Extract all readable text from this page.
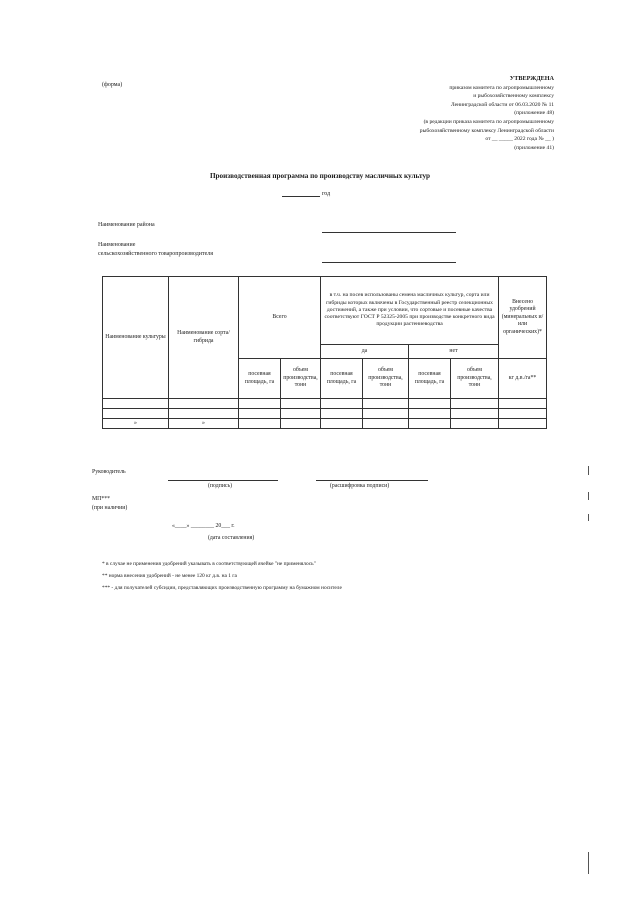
(форма)
УТВЕРЖДЕНА
приказом комитета по агропромышленному
и рыбохозяйственному комплексу
Ленинградской области от 06.03.2020 № 11
(приложение 48)
(в редакции приказа комитета по агропромышленному
рыбохозяйственному комплексу Ленинградской области
от __ _____ 2022 года № __ )
(приложение 41)
Производственная программа по производству масличных культур
год
Наименование района
Наименование
сельскохозяйственного товаропроизводителя
Наименование культуры	Наименование сорта/гибрида	Всего		в т.ч. на посев использованы семена масличных культур, сорта или гибриды которых включены в Государственный реестр селекционных достижений, а также при условии, что сортовые и посевные качества соответствуют ГОСТ Р 52325-2005 при производстве конкретного вида продукции растениеводства				Внесено удобрений (минеральных и/или органических)*
				да		нет		
		посевная площадь, га	объем производства, тонн	посевная площадь, га	объем производства, тонн	посевная площадь, га	объем производства, тонн	кг д.в./га**

»	»							
Руководитель
(подпись)	(расшифровка подписи)
МП***
(при наличии)
«____» ________ 20___ г.
(дата составления)
* в случае не применения удобрений указывать в соответствующей ячейке "не применялось"
** норма внесения удобрений - не менее 120 кг д.в. на 1 га
*** - для получателей субсидии, представляющих производственную программу на бумажном носителе
